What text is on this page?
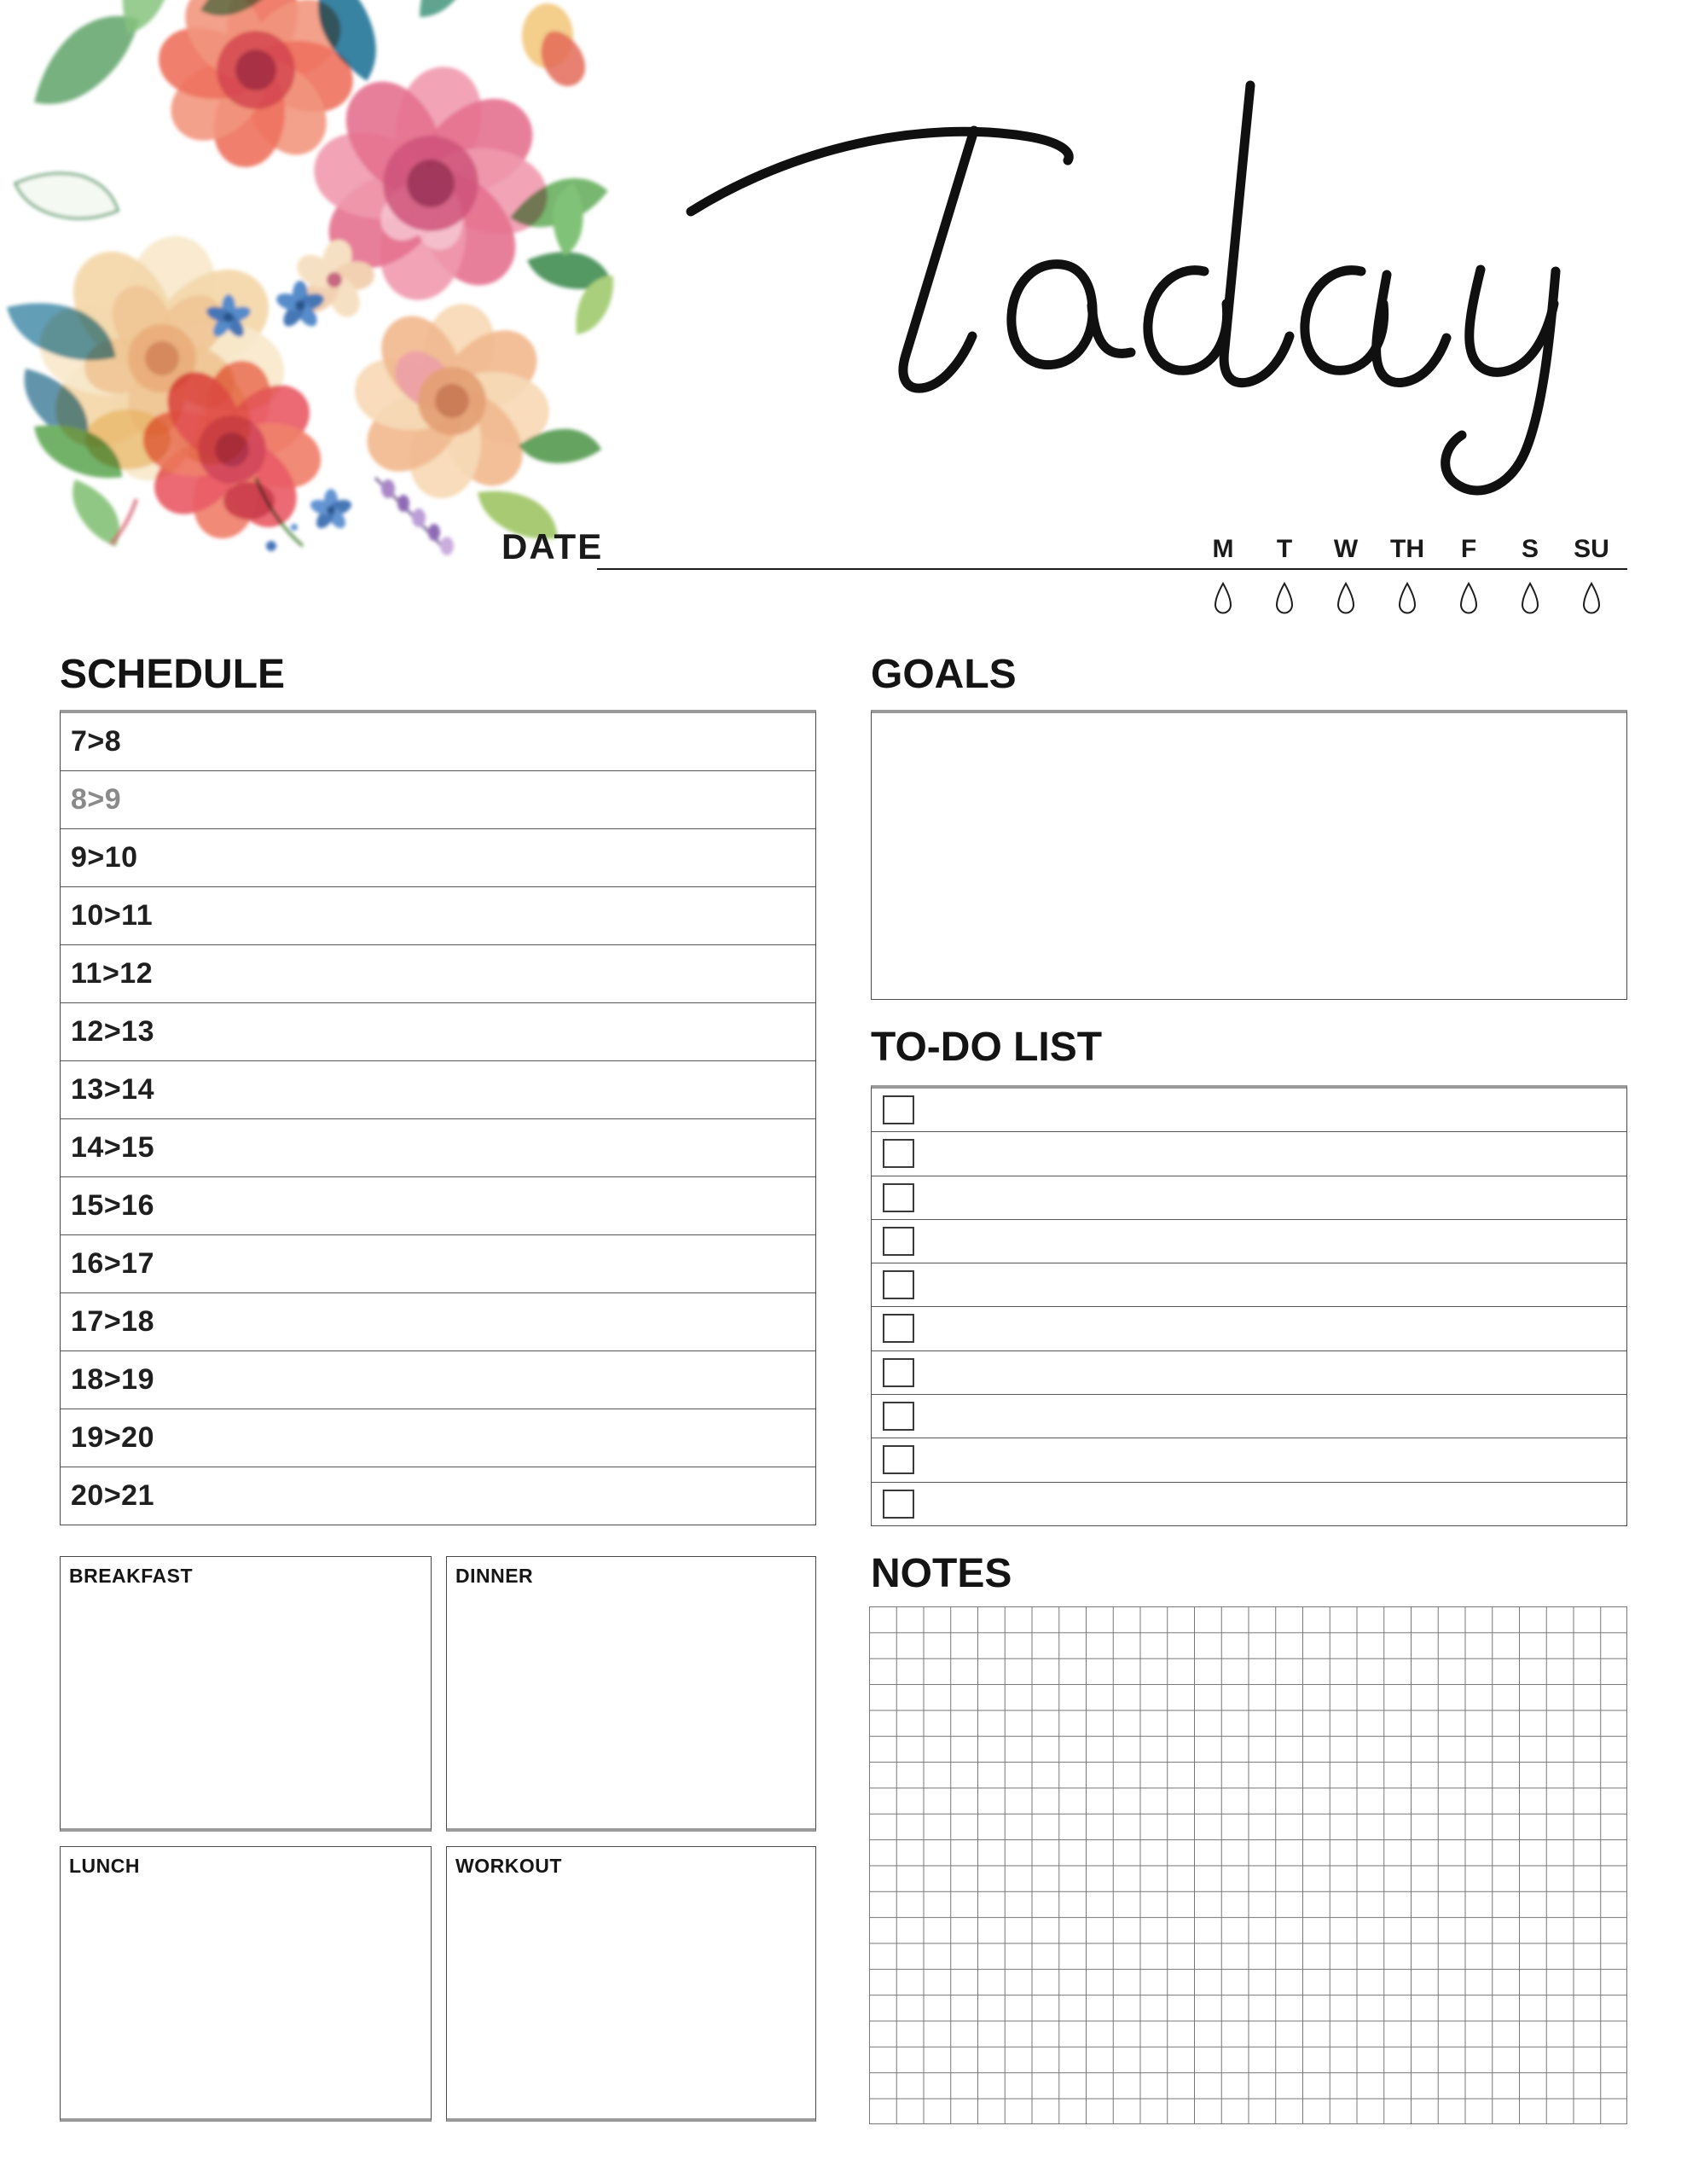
DATE	M T W TH F S SU
SCHEDULE
7>8
8>9
9>10
10>11
11>12
12>13
13>14
14>15
15>16
16>17
17>18
18>19
19>20
20>21
GOALS
TO-DO LIST
BREAKFAST	DINNER
LUNCH	WORKOUT
NOTES
